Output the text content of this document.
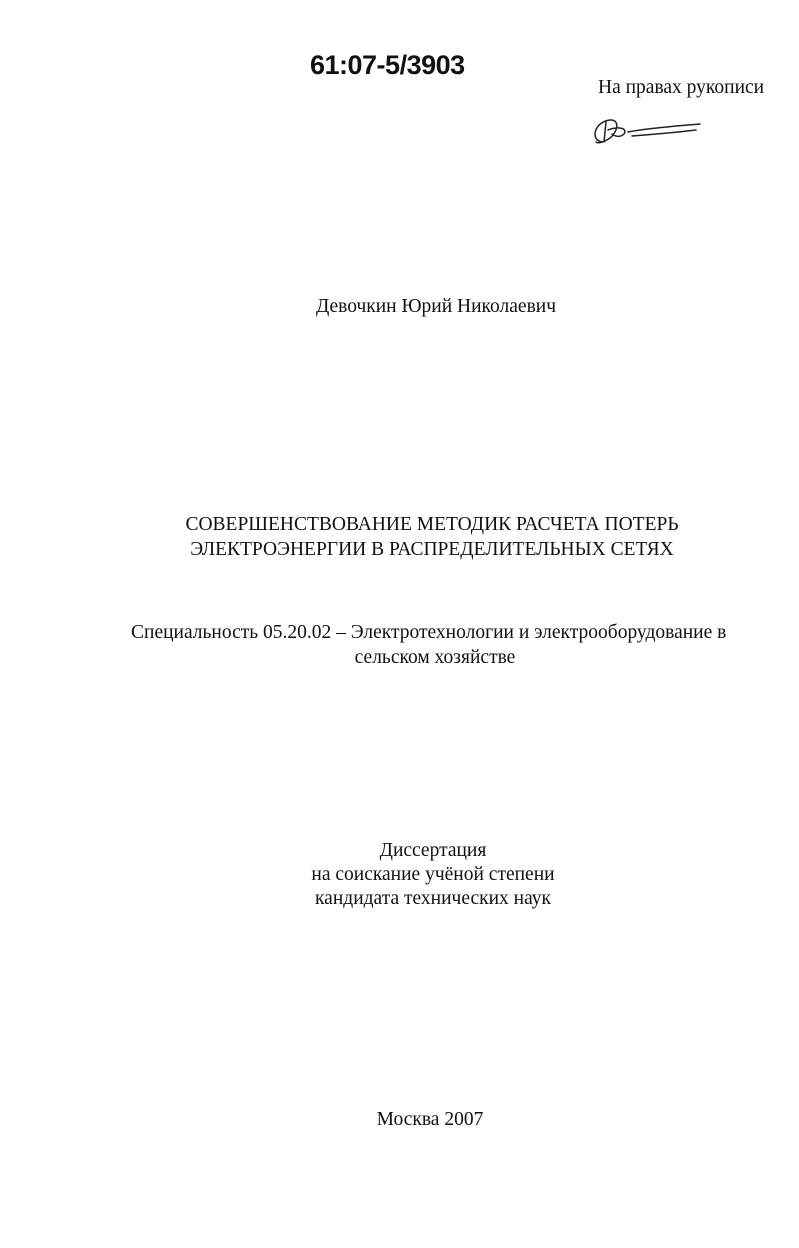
61:07-5/3903
На правах рукописи
Девочкин Юрий Николаевич
СОВЕРШЕНСТВОВАНИЕ МЕТОДИК РАСЧЕТА ПОТЕРЬ
ЭЛЕКТРОЭНЕРГИИ В РАСПРЕДЕЛИТЕЛЬНЫХ СЕТЯХ
Специальность 05.20.02 – Электротехнологии и электрооборудование в
сельском хозяйстве
Диссертация
на соискание учёной степени
кандидата технических наук
Москва 2007
